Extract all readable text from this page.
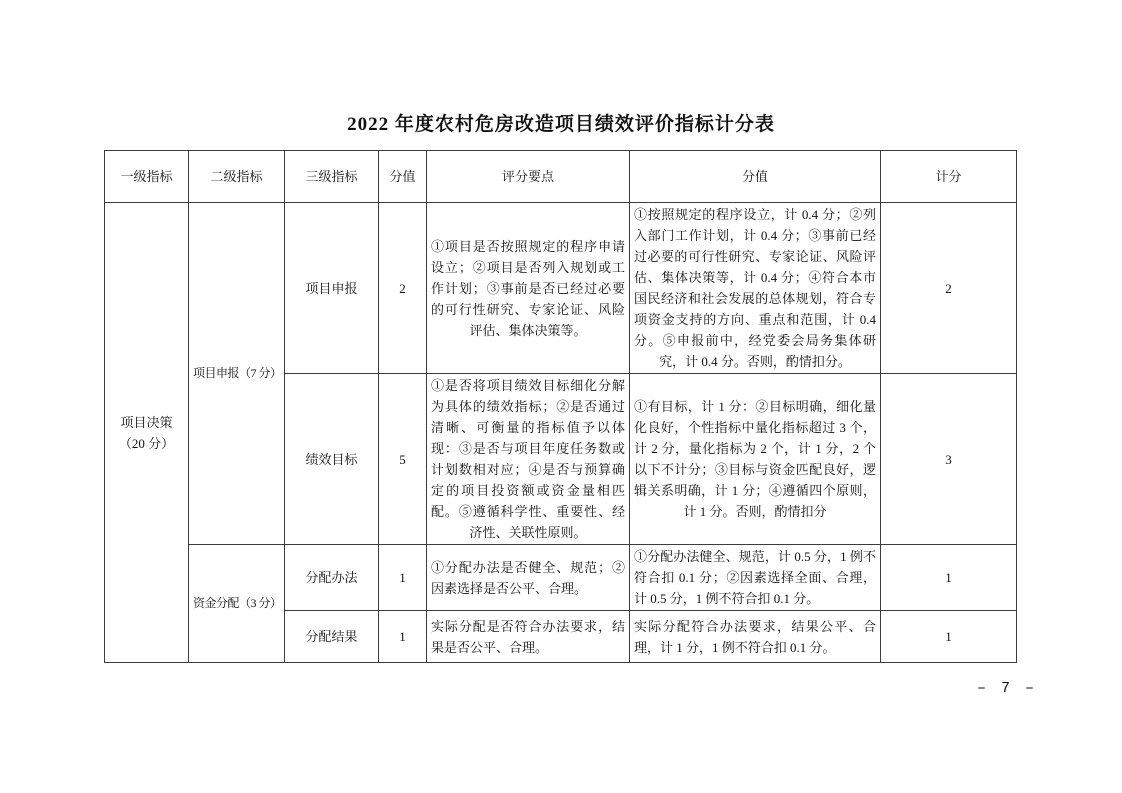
2022 年度农村危房改造项目绩效评价指标计分表
一级指标	二级指标	三级指标	分值	评分要点	分值	计分
项目决策（20 分）	项目申报（7 分）	项目申报	2	①项目是否按照规定的程序申请设立；②项目是否列入规划或工作计划；③事前是否已经过必要的可行性研究、专家论证、风险评估、集体决策等。	①按照规定的程序设立，计 0.4 分；②列入部门工作计划，计 0.4 分；③事前已经过必要的可行性研究、专家论证、风险评估、集体决策等，计 0.4 分；④符合本市国民经济和社会发展的总体规划，符合专项资金支持的方向、重点和范围，计 0.4 分。⑤申报前中，经党委会局务集体研究，计 0.4 分。否则，酌情扣分。	2
		绩效目标	5	①是否将项目绩效目标细化分解为具体的绩效指标；②是否通过清晰、可衡量的指标值予以体现：③是否与项目年度任务数或计划数相对应；④是否与预算确定的项目投资额或资金量相匹配。⑤遵循科学性、重要性、经济性、关联性原则。	①有目标，计 1 分：②目标明确，细化量化良好，个性指标中量化指标超过 3 个，计 2 分，量化指标为 2 个，计 1 分，2 个以下不计分；③目标与资金匹配良好，逻辑关系明确，计 1 分；④遵循四个原则，计 1 分。否则，酌情扣分	3
	资金分配（3 分）	分配办法	1	①分配办法是否健全、规范；②因素选择是否公平、合理。	①分配办法健全、规范，计 0.5 分，1 例不符合扣 0.1 分；②因素选择全面、合理，计 0.5 分，1 例不符合扣 0.1 分。	1
		分配结果	1	实际分配是否符合办法要求，结果是否公平、合理。	实际分配符合办法要求，结果公平、合理，计 1 分，1 例不符合扣 0.1 分。	1
– 7 –
